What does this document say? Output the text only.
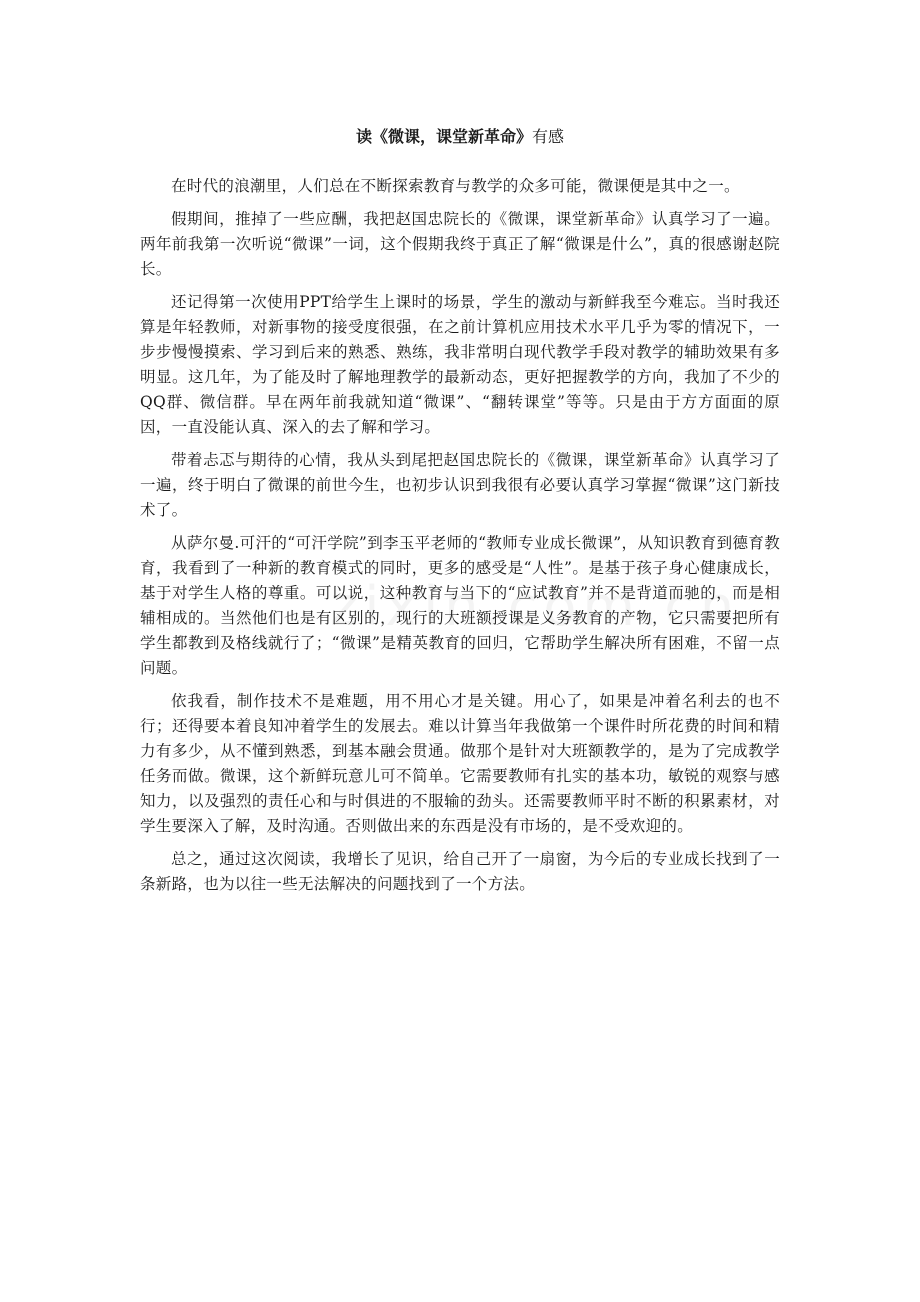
读《微课，课堂新革命》有感

在时代的浪潮里，人们总在不断探索教育与教学的众多可能，微课便是其中之一。

假期间，推掉了一些应酬，我把赵国忠院长的《微课，课堂新革命》认真学习了一遍。两年前我第一次听说“微课”一词，这个假期我终于真正了解“微课是什么”，真的很感谢赵院长。

还记得第一次使用PPT给学生上课时的场景，学生的激动与新鲜我至今难忘。当时我还算是年轻教师，对新事物的接受度很强，在之前计算机应用技术水平几乎为零的情况下，一步步慢慢摸索、学习到后来的熟悉、熟练，我非常明白现代教学手段对教学的辅助效果有多明显。这几年，为了能及时了解地理教学的最新动态，更好把握教学的方向，我加了不少的QQ群、微信群。早在两年前我就知道“微课”、“翻转课堂”等等。只是由于方方面面的原因，一直没能认真、深入的去了解和学习。

带着忐忑与期待的心情，我从头到尾把赵国忠院长的《微课，课堂新革命》认真学习了一遍，终于明白了微课的前世今生，也初步认识到我很有必要认真学习掌握“微课”这门新技术了。

从萨尔曼.可汗的“可汗学院”到李玉平老师的“教师专业成长微课”，从知识教育到德育教育，我看到了一种新的教育模式的同时，更多的感受是“人性”。是基于孩子身心健康成长，基于对学生人格的尊重。可以说，这种教育与当下的“应试教育”并不是背道而驰的，而是相辅相成的。当然他们也是有区别的，现行的大班额授课是义务教育的产物，它只需要把所有学生都教到及格线就行了；“微课”是精英教育的回归，它帮助学生解决所有困难，不留一点问题。

依我看，制作技术不是难题，用不用心才是关键。用心了，如果是冲着名利去的也不行；还得要本着良知冲着学生的发展去。难以计算当年我做第一个课件时所花费的时间和精力有多少，从不懂到熟悉，到基本融会贯通。做那个是针对大班额教学的，是为了完成教学任务而做。微课，这个新鲜玩意儿可不简单。它需要教师有扎实的基本功，敏锐的观察与感知力，以及强烈的责任心和与时俱进的不服输的劲头。还需要教师平时不断的积累素材，对学生要深入了解，及时沟通。否则做出来的东西是没有市场的，是不受欢迎的。

总之，通过这次阅读，我增长了见识，给自己开了一扇窗，为今后的专业成长找到了一条新路，也为以往一些无法解决的问题找到了一个方法。
